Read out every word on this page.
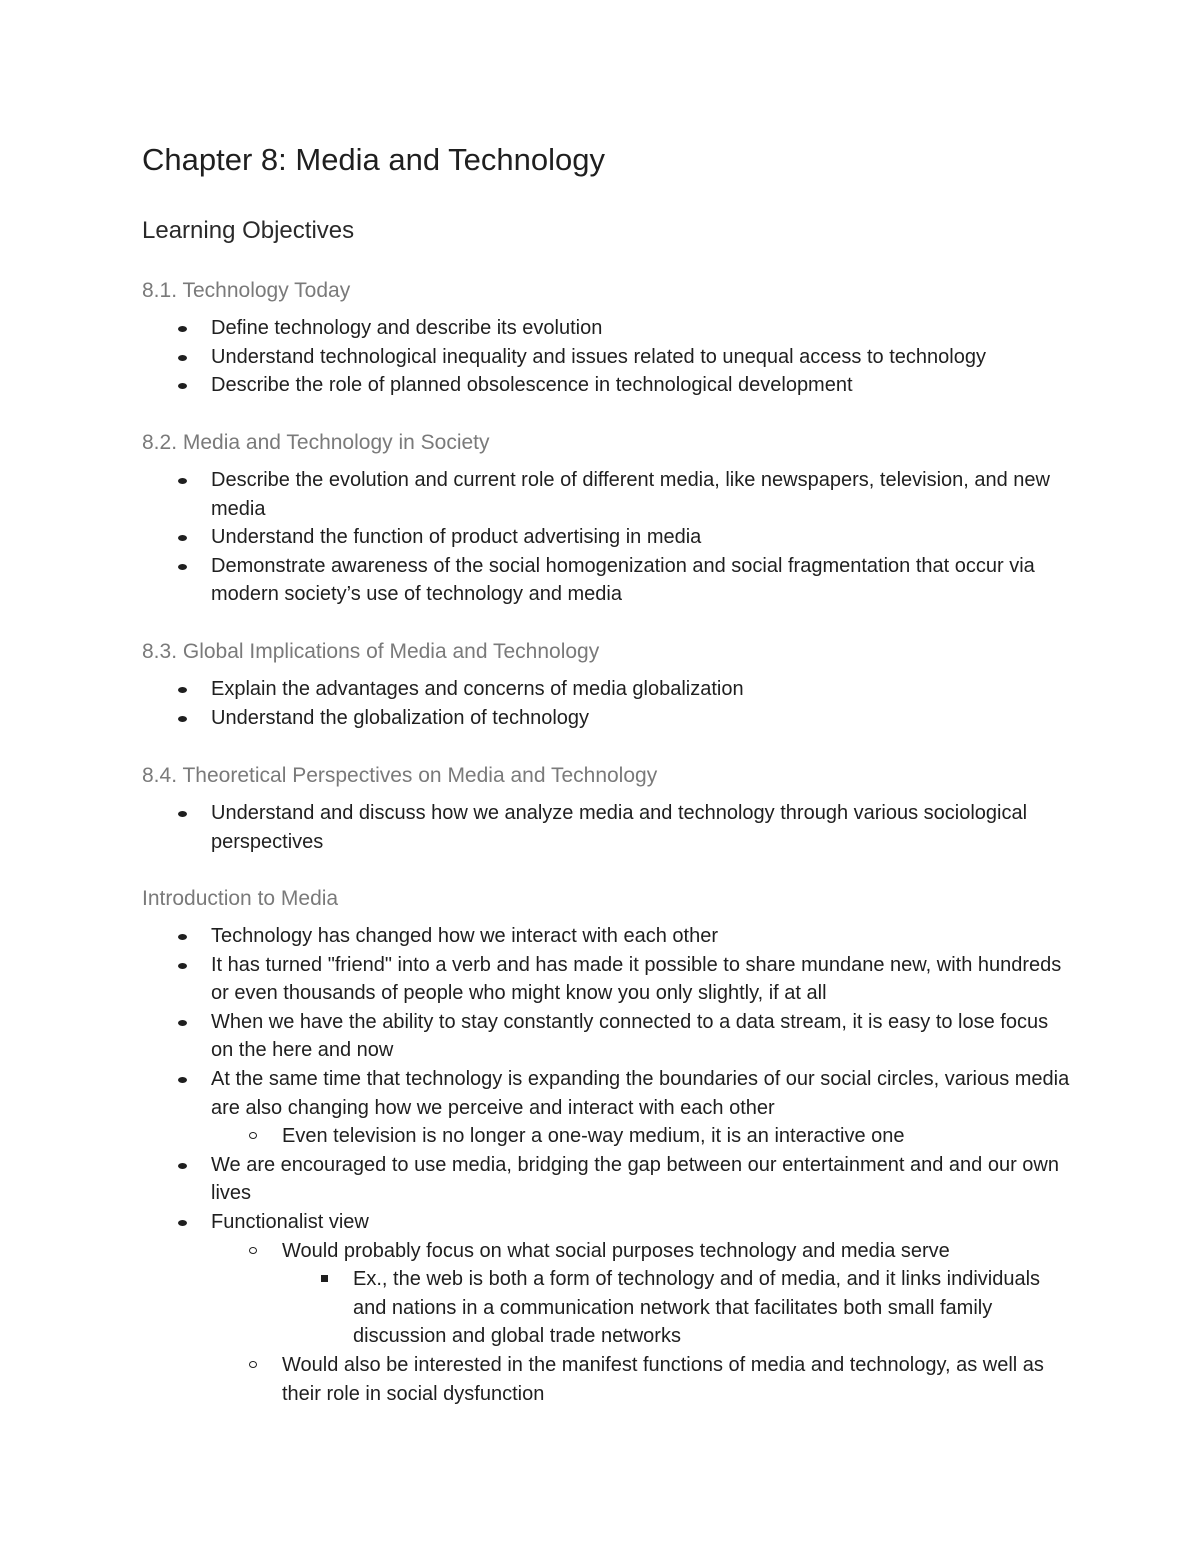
Chapter 8: Media and Technology
Learning Objectives
8.1. Technology Today
Define technology and describe its evolution
Understand technological inequality and issues related to unequal access to technology
Describe the role of planned obsolescence in technological development
8.2. Media and Technology in Society
Describe the evolution and current role of different media, like newspapers, television, and new media
Understand the function of product advertising in media
Demonstrate awareness of the social homogenization and social fragmentation that occur via modern society’s use of technology and media
8.3. Global Implications of Media and Technology
Explain the advantages and concerns of media globalization
Understand the globalization of technology
8.4. Theoretical Perspectives on Media and Technology
Understand and discuss how we analyze media and technology through various sociological perspectives
Introduction to Media
Technology has changed how we interact with each other
It has turned "friend" into a verb and has made it possible to share mundane new, with hundreds or even thousands of people who might know you only slightly, if at all
When we have the ability to stay constantly connected to a data stream, it is easy to lose focus on the here and now
At the same time that technology is expanding the boundaries of our social circles, various media are also changing how we perceive and interact with each other
Even television is no longer a one-way medium, it is an interactive one
We are encouraged to use media, bridging the gap between our entertainment and and our own lives
Functionalist view
Would probably focus on what social purposes technology and media serve
Ex., the web is both a form of technology and of media, and it links individuals and nations in a communication network that facilitates both small family discussion and global trade networks
Would also be interested in the manifest functions of media and technology, as well as their role in social dysfunction
